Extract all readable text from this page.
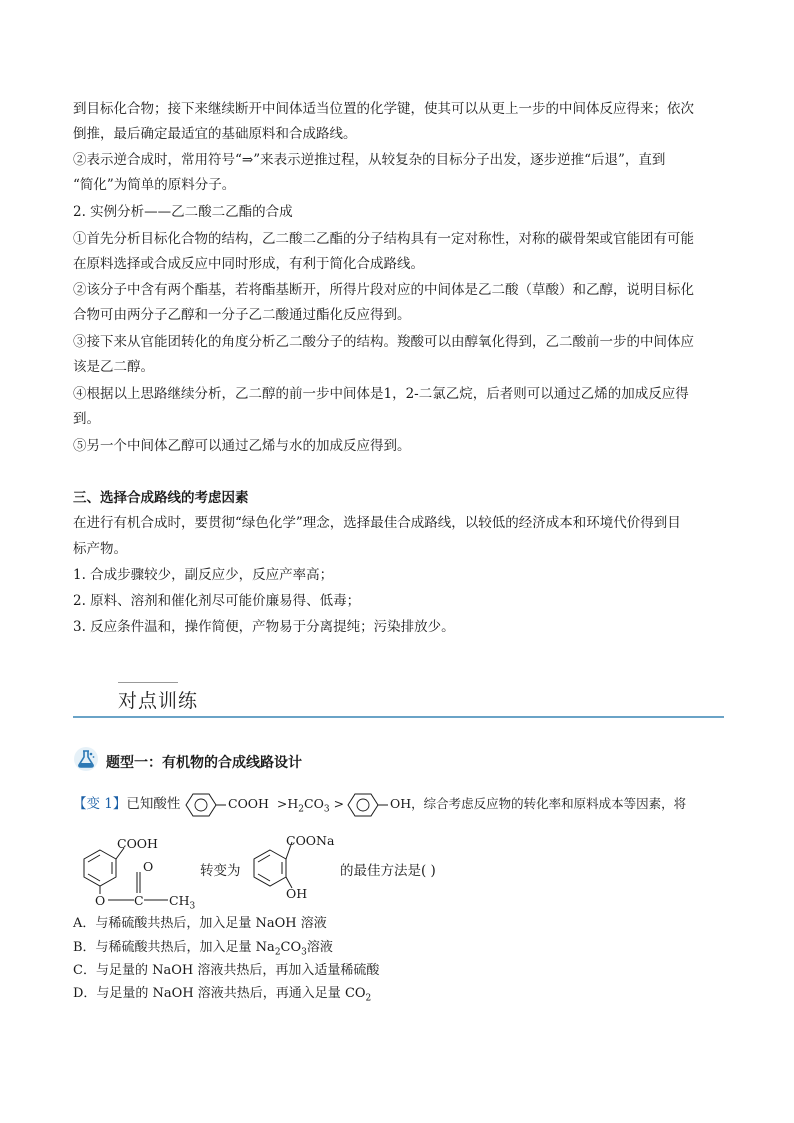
到目标化合物；接下来继续断开中间体适当位置的化学键，使其可以从更上一步的中间体反应得来；依次
倒推，最后确定最适宜的基础原料和合成路线。
②表示逆合成时，常用符号“⇒”来表示逆推过程，从较复杂的目标分子出发，逐步逆推“后退”，直到
“简化”为简单的原料分子。
2. 实例分析——乙二酸二乙酯的合成
①首先分析目标化合物的结构，乙二酸二乙酯的分子结构具有一定对称性，对称的碳骨架或官能团有可能
在原料选择或合成反应中同时形成，有利于简化合成路线。
②该分子中含有两个酯基，若将酯基断开，所得片段对应的中间体是乙二酸（草酸）和乙醇，说明目标化
合物可由两分子乙醇和一分子乙二酸通过酯化反应得到。
③接下来从官能团转化的角度分析乙二酸分子的结构。羧酸可以由醇氧化得到，乙二酸前一步的中间体应
该是乙二醇。
④根据以上思路继续分析，乙二醇的前一步中间体是1，2-二氯乙烷，后者则可以通过乙烯的加成反应得
到。
⑤另一个中间体乙醇可以通过乙烯与水的加成反应得到。
三、选择合成路线的考虑因素
在进行有机合成时，要贯彻“绿色化学”理念，选择最佳合成路线，以较低的经济成本和环境代价得到目
标产物。
1. 合成步骤较少，副反应少，反应产率高；
2. 原料、溶剂和催化剂尽可能价廉易得、低毒；
3. 反应条件温和，操作简便，产物易于分离提纯；污染排放少。
对点训练
题型一：有机物的合成线路设计
【变 1】已知酸性	COOH $>H_2CO_3$ >	OH，综合考虑反应物的转化率和原料成本等因素，将
COOH
O
O C $CH_3$
转变为
COONa
OH
的最佳方法是( )
A．与稀硫酸共热后，加入足量 NaOH 溶液
B．与稀硫酸共热后，加入足量 $Na_2CO_3$溶液
C．与足量的 NaOH 溶液共热后，再加入适量稀硫酸
D．与足量的 NaOH 溶液共热后，再通入足量 $CO_2$
